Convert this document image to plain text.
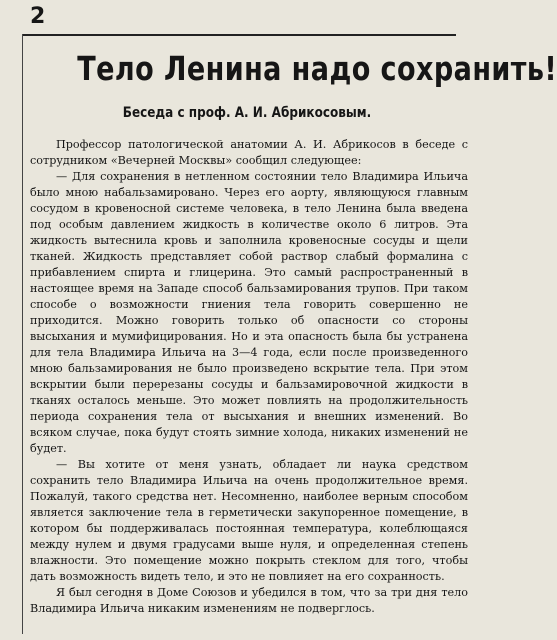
2
Тело Ленина надо сохранить!
Беседа с проф. А. И. Абрикосовым.

Профессор патологической анатомии А. И. Абрикосов в беседе с сотрудником «Вечерней Москвы» сообщил следующее:

— Для сохранения в нетленном состоянии тело Владимира Ильича было мною набальзамировано. Через его аорту, являющуюся главным сосудом в кровеносной системе человека, в тело Ленина была введена под особым давлением жидкость в количестве около 6 литров. Эта жидкость вытеснила кровь и заполнила кровеносные сосуды и щели тканей. Жидкость представляет собой раствор слабый формалина с прибавлением спирта и глицерина. Это самый распространенный в настоящее время на Западе способ бальзамирования трупов. При таком способе о возможности гниения тела говорить совершенно не приходится. Можно говорить только об опасности со стороны высыхания и мумифицирования. Но и эта опасность была бы устранена для тела Владимира Ильича на 3—4 года, если после произведенного мною бальзамирования не было произведено вскрытие тела. При этом вскрытии были перерезаны сосуды и бальзамировочной жидкости в тканях осталось меньше. Это может повлиять на продолжительность периода сохранения тела от высыхания и внешних изменений. Во всяком случае, пока будут стоять зимние холода, никаких изменений не будет.

— Вы хотите от меня узнать, обладает ли наука средством сохранить тело Владимира Ильича на очень продолжительное время. Пожалуй, такого средства нет. Несомненно, наиболее верным способом является заключение тела в герметически закупоренное помещение, в котором бы поддерживалась постоянная температура, колеблющаяся между нулем и двумя градусами выше нуля, и определенная степень влажности. Это помещение можно покрыть стеклом для того, чтобы дать возможность видеть тело, и это не повлияет на его сохранность.

Я был сегодня в Доме Союзов и убедился в том, что за три дня тело Владимира Ильича никаким изменениям не подверглось.
